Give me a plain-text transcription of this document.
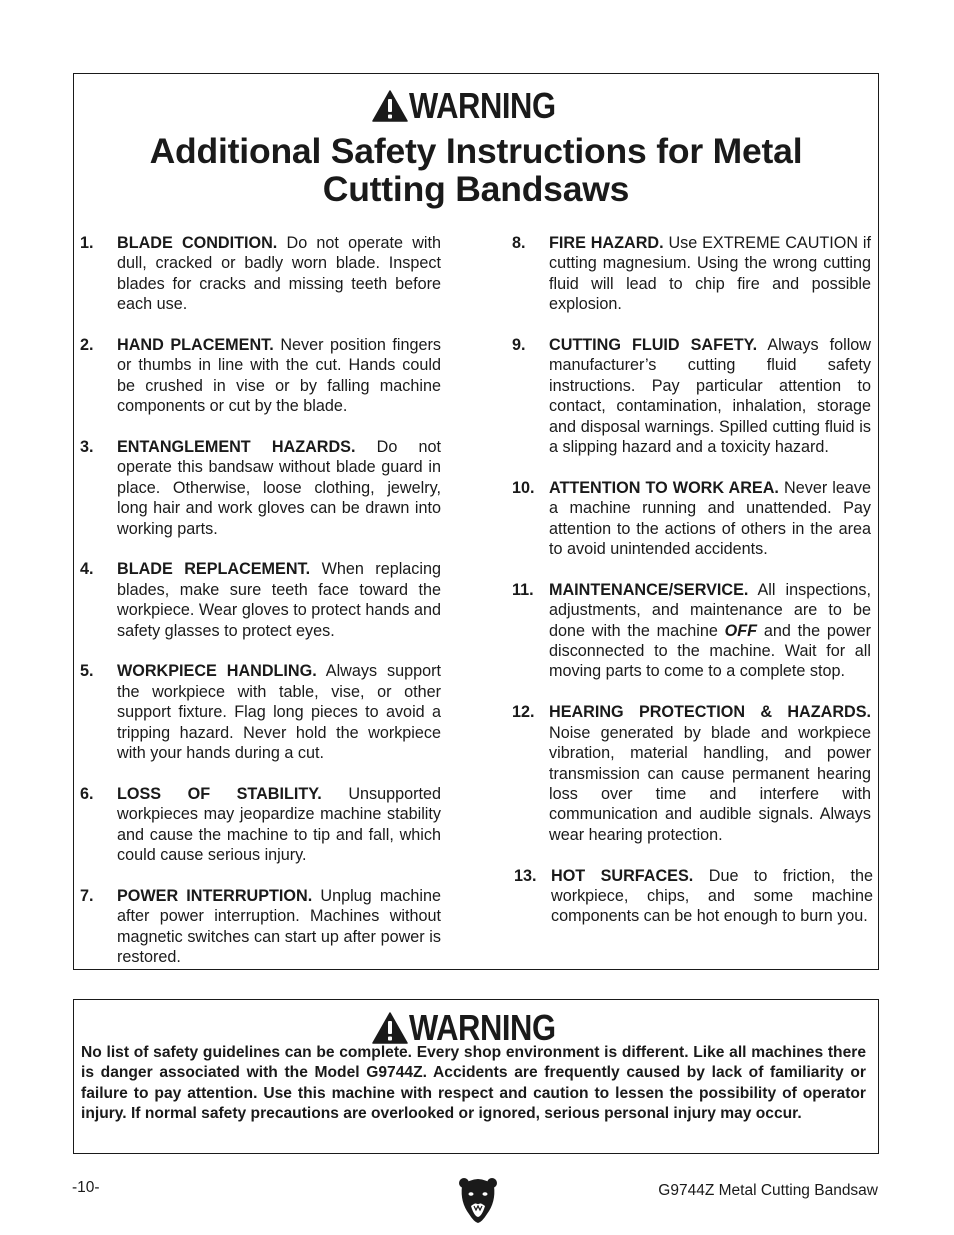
WARNING
Additional Safety Instructions for Metal
Cutting Bandsaws
1. BLADE CONDITION. Do not operate with dull, cracked or badly worn blade. Inspect blades for cracks and missing teeth before each use.
2. HAND PLACEMENT. Never position fingers or thumbs in line with the cut. Hands could be crushed in vise or by falling machine components or cut by the blade.
3. ENTANGLEMENT HAZARDS. Do not operate this bandsaw without blade guard in place. Otherwise, loose clothing, jewelry, long hair and work gloves can be drawn into working parts.
4. BLADE REPLACEMENT. When replacing blades, make sure teeth face toward the workpiece. Wear gloves to protect hands and safety glasses to protect eyes.
5. WORKPIECE HANDLING. Always support the workpiece with table, vise, or other support fixture. Flag long pieces to avoid a tripping hazard. Never hold the workpiece with your hands during a cut.
6. LOSS OF STABILITY. Unsupported workpieces may jeopardize machine stability and cause the machine to tip and fall, which could cause serious injury.
7. POWER INTERRUPTION. Unplug machine after power interruption. Machines without magnetic switches can start up after power is restored.
8. FIRE HAZARD. Use EXTREME CAUTION if cutting magnesium. Using the wrong cutting fluid will lead to chip fire and possible explosion.
9. CUTTING FLUID SAFETY. Always follow manufacturer’s cutting fluid safety instructions. Pay particular attention to contact, contamination, inhalation, storage and disposal warnings. Spilled cutting fluid is a slipping hazard and a toxicity hazard.
10. ATTENTION TO WORK AREA. Never leave a machine running and unattended. Pay attention to the actions of others in the area to avoid unintended accidents.
11. MAINTENANCE/SERVICE. All inspections, adjustments, and maintenance are to be done with the machine OFF and the power disconnected to the machine. Wait for all moving parts to come to a complete stop.
12. HEARING PROTECTION & HAZARDS. Noise generated by blade and workpiece vibration, material handling, and power transmission can cause permanent hearing loss over time and interfere with communication and audible signals. Always wear hearing protection.
13. HOT SURFACES. Due to friction, the workpiece, chips, and some machine components can be hot enough to burn you.
WARNING
No list of safety guidelines can be complete. Every shop environment is different. Like all machines there is danger associated with the Model G9744Z. Accidents are frequently caused by lack of familiarity or failure to pay attention. Use this machine with respect and caution to lessen the possibility of operator injury. If normal safety precautions are overlooked or ignored, serious personal injury may occur.
-10-	G9744Z Metal Cutting Bandsaw
